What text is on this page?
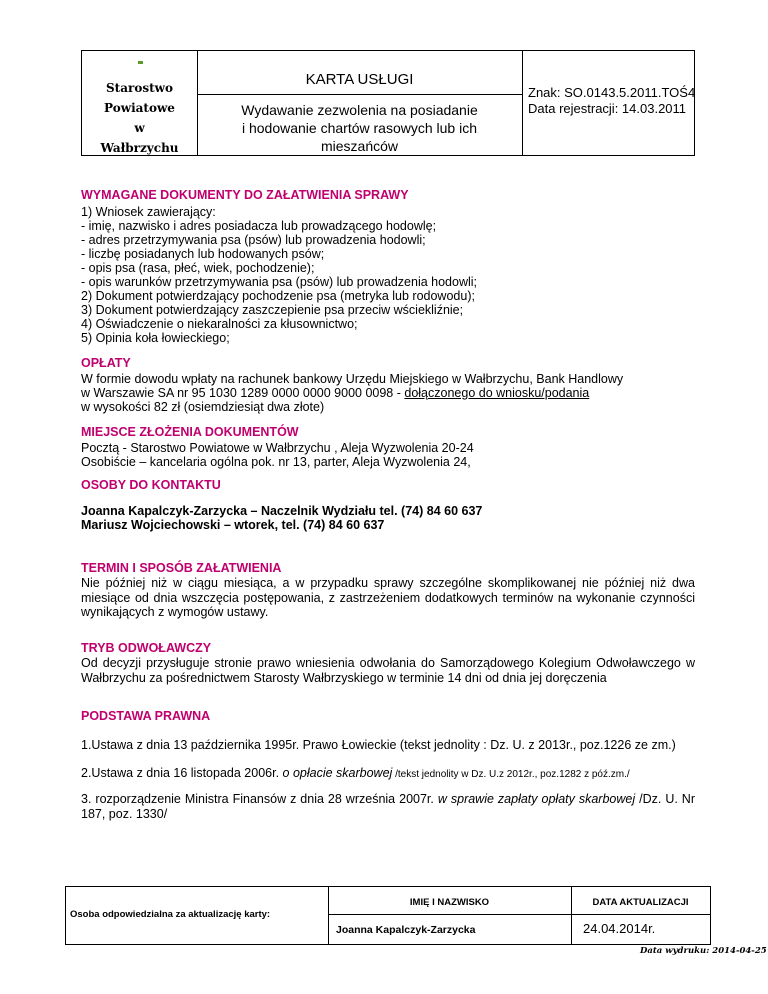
Starostwo
Powiatowe
w
Wałbrzychu
KARTA USŁUGI
Wydawanie zezwolenia na posiadanie
i hodowanie chartów rasowych lub ich
mieszańców
Znak: SO.0143.5.2011.TOŚ4
Data rejestracji: 14.03.2011
WYMAGANE DOKUMENTY DO ZAŁATWIENIA SPRAWY
1) Wniosek zawierający:
- imię, nazwisko i adres posiadacza lub prowadzącego hodowlę;
- adres przetrzymywania psa (psów) lub prowadzenia hodowli;
- liczbę posiadanych lub hodowanych psów;
- opis psa (rasa, płeć, wiek, pochodzenie);
- opis warunków przetrzymywania psa (psów) lub prowadzenia hodowli;
2) Dokument potwierdzający pochodzenie psa (metryka lub rodowodu);
3) Dokument potwierdzający zaszczepienie psa przeciw wściekliźnie;
4) Oświadczenie o niekaralności za kłusownictwo;
5) Opinia koła łowieckiego;
OPŁATY
W formie dowodu wpłaty na rachunek bankowy Urzędu Miejskiego w Wałbrzychu, Bank Handlowy
w Warszawie SA nr 95 1030 1289 0000 0000 9000 0098 - dołączonego do wniosku/podania
w wysokości 82 zł (osiemdziesiąt dwa złote)
MIEJSCE ZŁOŻENIA DOKUMENTÓW
Pocztą - Starostwo Powiatowe w Wałbrzychu , Aleja Wyzwolenia 20-24
Osobiście – kancelaria ogólna pok. nr 13, parter, Aleja Wyzwolenia 24,
OSOBY DO KONTAKTU
Joanna Kapalczyk-Zarzycka – Naczelnik Wydziału tel. (74) 84 60 637
Mariusz Wojciechowski – wtorek, tel. (74) 84 60 637
TERMIN I SPOSÓB ZAŁATWIENIA
Nie później niż w ciągu miesiąca, a w przypadku sprawy szczególne skomplikowanej nie później niż dwa miesiące od dnia wszczęcia postępowania, z zastrzeżeniem dodatkowych terminów na wykonanie czynności wynikających z wymogów ustawy.
TRYB ODWOŁAWCZY
Od decyzji przysługuje stronie prawo wniesienia odwołania do Samorządowego Kolegium Odwoławczego w Wałbrzychu za pośrednictwem Starosty Wałbrzyskiego w terminie 14 dni od dnia jej doręczenia
PODSTAWA PRAWNA
1.Ustawa z dnia 13 października 1995r. Prawo Łowieckie (tekst jednolity : Dz. U. z 2013r., poz.1226 ze zm.)
2.Ustawa z dnia 16 listopada 2006r. o opłacie skarbowej /tekst jednolity w Dz. U.z 2012r., poz.1282 z póź.zm./
3. rozporządzenie Ministra Finansów z dnia 28 września 2007r. w sprawie zapłaty opłaty skarbowej /Dz. U. Nr 187, poz. 1330/
Osoba odpowiedzialna za aktualizację karty:
IMIĘ I NAZWISKO
Joanna Kapalczyk-Zarzycka
DATA AKTUALIZACJI
24.04.2014r.
Data wydruku: 2014-04-25
